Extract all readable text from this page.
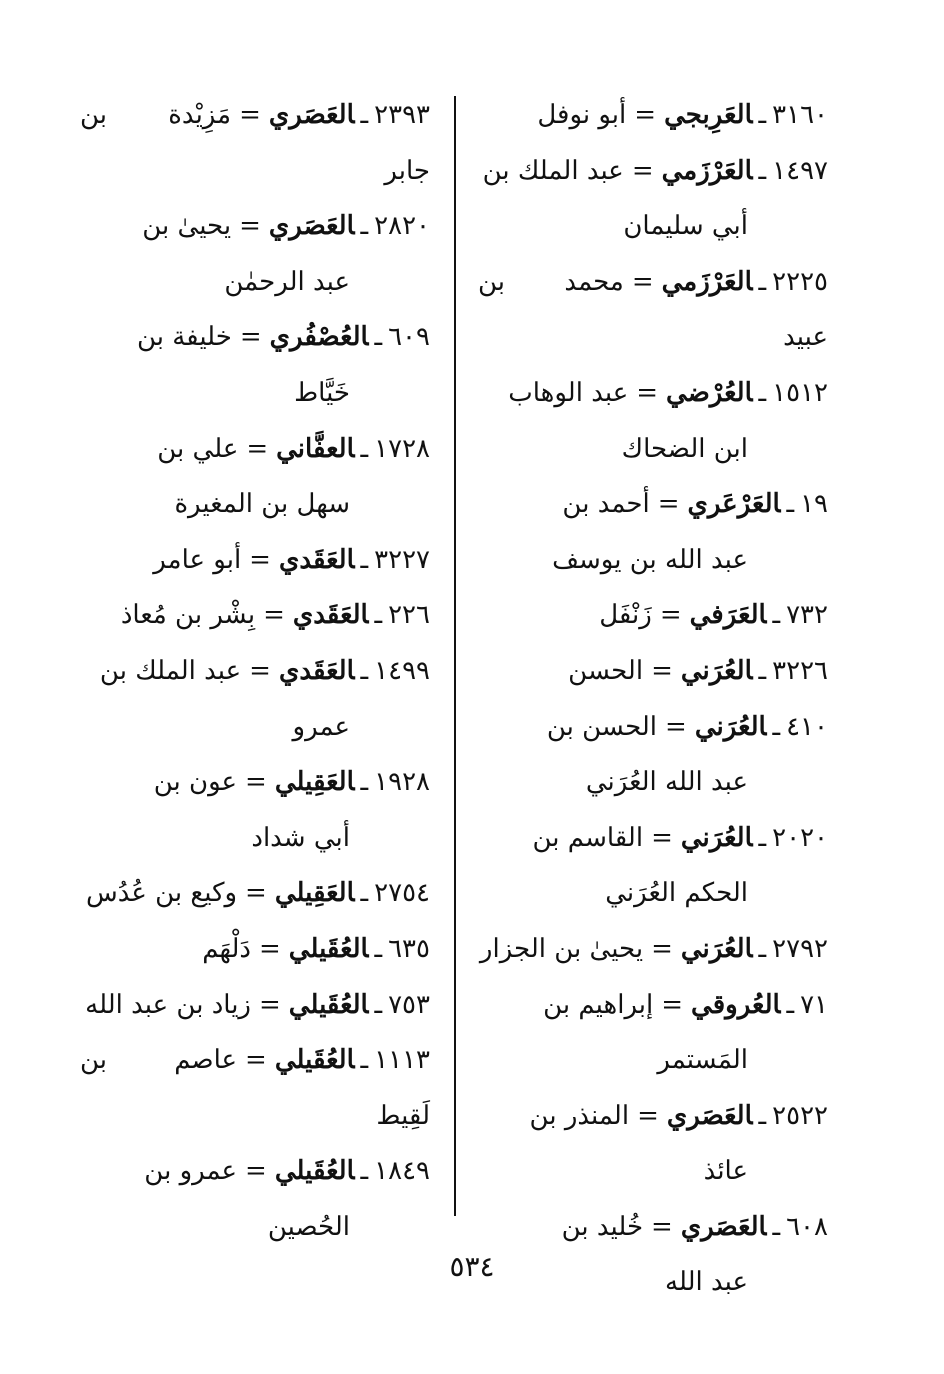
٣١٦٠ـالعَرِبجي=أبو نوفل
١٤٩٧ـالعَرْزَمي=عبد الملك بن
أبي سليمان
٢٢٢٥ـالعَرْزَمي=محمد بن عبيد
١٥١٢ـالعُرْضي=عبد الوهاب
ابن الضحاك
١٩ـالعَرْعَري=أحمد بن
عبد الله بن يوسف
٧٣٢ـالعَرَفي=زَنْفَل
٣٢٢٦ـالعُرَني=الحسن
٤١٠ـالعُرَني=الحسن بن
عبد الله العُرَني
٢٠٢٠ـالعُرَني=القاسم بن
الحكم العُرَني
٢٧٩٢ـالعُرَني=يحيىٰ بن الجزار
٧١ـالعُروقي=إبراهيم بن
المَستمر
٢٥٢٢ـالعَصَري=المنذر بن
عائذ
٦٠٨ـالعَصَري=خُليد بن
عبد الله
٢٣٩٣ـالعَصَري=مَزِيْدة بن جابر
٢٨٢٠ـالعَصَري=يحيىٰ بن
عبد الرحمٰن
٦٠٩ـالعُصْفُري=خليفة بن
خَيَّاط
١٧٢٨ـالعفَّاني=علي بن
سهل بن المغيرة
٣٢٢٧ـالعَقَدي=أبو عامر
٢٢٦ـالعَقَدي=بِشْر بن مُعاذ
١٤٩٩ـالعَقَدي=عبد الملك بن
عمرو
١٩٢٨ـالعَقِيلي=عون بن
أبي شداد
٢٧٥٤ـالعَقِيلي=وكيع بن عُدُس
٦٣٥ـالعُقَيلي=دَلْهَم
٧٥٣ـالعُقَيلي=زياد بن عبد الله
١١١٣ـالعُقَيلي=عاصم بن لَقِيط
١٨٤٩ـالعُقَيلي=عمرو بن
الحُصين
٥٣٤
